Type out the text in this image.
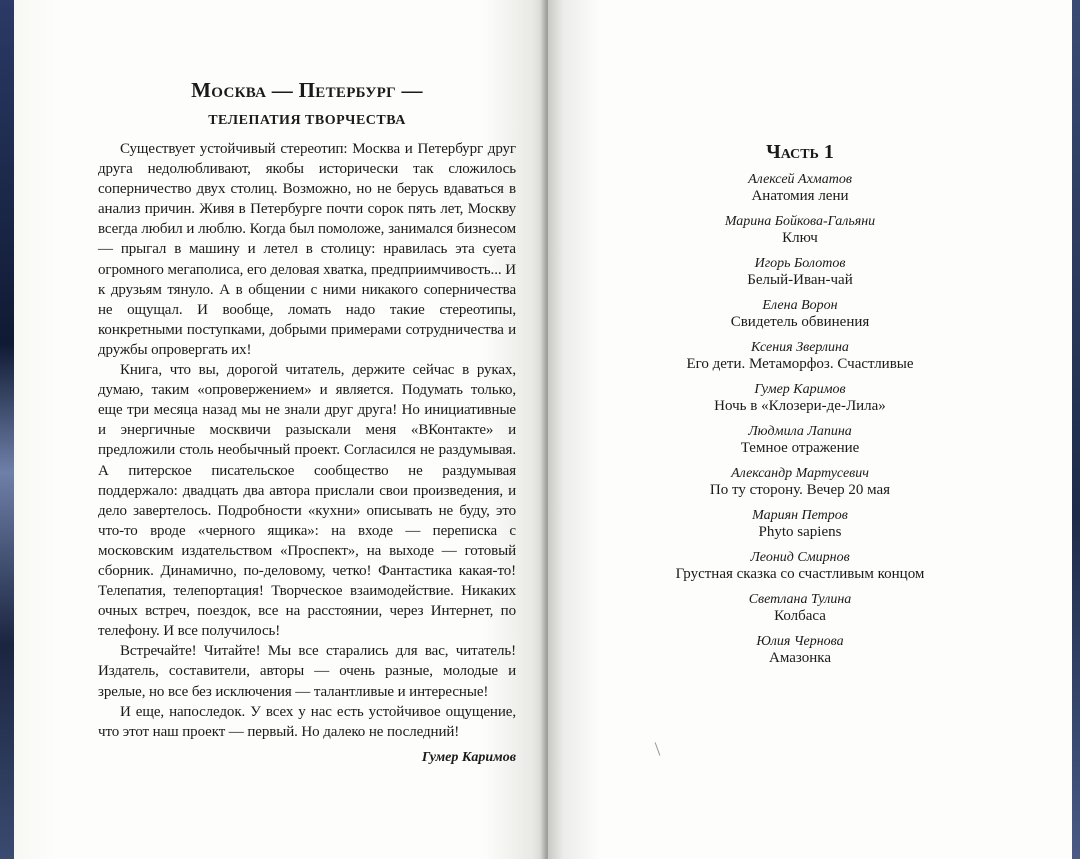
Москва — Петербург —
ТЕЛЕПАТИЯ ТВОРЧЕСТВА

Существует устойчивый стереотип: Москва и Петербург друг друга недолюбливают, якобы исторически так сложилось соперничество двух столиц. Возможно, но не берусь вдаваться в анализ причин. Живя в Петербурге почти сорок пять лет, Москву всегда любил и люблю. Когда был помоложе, занимался бизнесом — прыгал в машину и летел в столицу: нравилась эта суета огромного мегаполиса, его деловая хватка, предприимчивость... И к друзьям тянуло. А в общении с ними никакого соперничества не ощущал. И вообще, ломать надо такие стереотипы, конкретными поступками, добрыми примерами сотрудничества и дружбы опровергать их!

Книга, что вы, дорогой читатель, держите сейчас в руках, думаю, таким «опровержением» и является. Подумать только, еще три месяца назад мы не знали друг друга! Но инициативные и энергичные москвичи разыскали меня «ВКонтакте» и предложили столь необычный проект. Согласился не раздумывая. А питерское писательское сообщество не раздумывая поддержало: двадцать два автора прислали свои произведения, и дело завертелось. Подробности «кухни» описывать не буду, это что-то вроде «черного ящика»: на входе — переписка с московским издательством «Проспект», на выходе — готовый сборник. Динамично, по-деловому, четко! Фантастика какая-то! Телепатия, телепортация! Творческое взаимодействие. Никаких очных встреч, поездок, все на расстоянии, через Интернет, по телефону. И все получилось!

Встречайте! Читайте! Мы все старались для вас, читатель! Издатель, составители, авторы — очень разные, молодые и зрелые, но все без исключения — талантливые и интересные!

И еще, напоследок. У всех у нас есть устойчивое ощущение, что этот наш проект — первый. Но далеко не последний!

Гумер Каримов
Часть 1
Алексей Ахматов
Анатомия лени
Марина Бойкова-Гальяни
Ключ
Игорь Болотов
Белый-Иван-чай
Елена Ворон
Свидетель обвинения
Ксения Зверлина
Его дети. Метаморфоз. Счастливые
Гумер Каримов
Ночь в «Клозери-де-Лила»
Людмила Лапина
Темное отражение
Александр Мартусевич
По ту сторону. Вечер 20 мая
Мариян Петров
Phyto sapiens
Леонид Смирнов
Грустная сказка со счастливым концом
Светлана Тулина
Колбаса
Юлия Чернова
Амазонка
